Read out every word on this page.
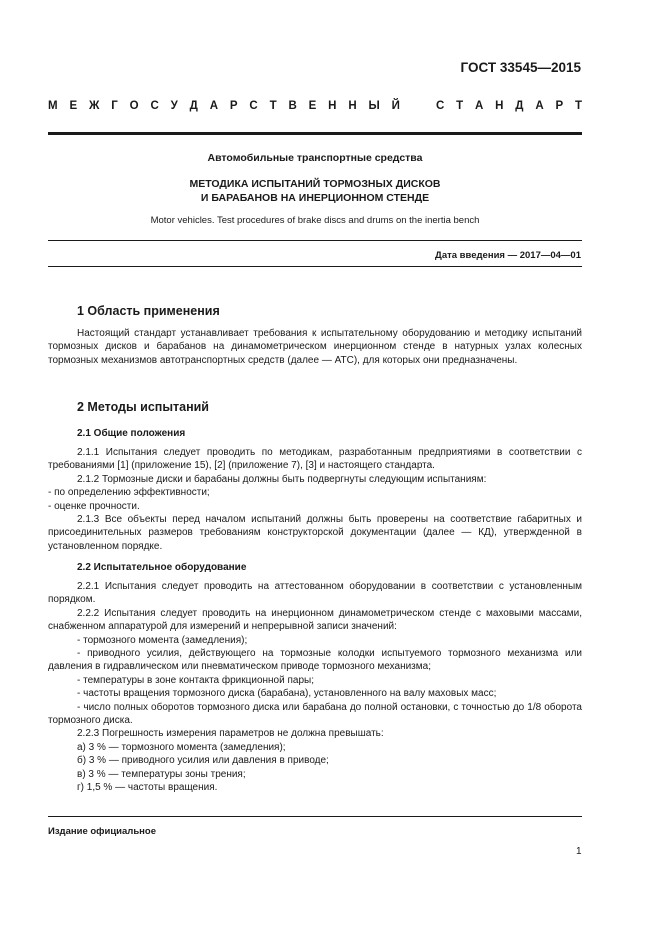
ГОСТ 33545—2015
М Е Ж Г О С У Д А Р С Т В Е Н Н Ы Й	С Т А Н Д А Р Т
Автомобильные транспортные средства
МЕТОДИКА ИСПЫТАНИЙ ТОРМОЗНЫХ ДИСКОВ
И БАРАБАНОВ НА ИНЕРЦИОННОМ СТЕНДЕ
Motor vehicles. Test procedures of brake discs and drums on the inertia bench
Дата введения — 2017—04—01
1 Область применения

Настоящий стандарт устанавливает требования к испытательному оборудованию и методику испытаний тормозных дисков и барабанов на динамометрическом инерционном стенде в натурных узлах колесных тормозных механизмов автотранспортных средств (далее — АТС), для которых они предназначены.

2 Методы испытаний
2.1 Общие положения

2.1.1 Испытания следует проводить по методикам, разработанным предприятиями в соответствии с требованиями [1] (приложение 15), [2] (приложение 7), [3] и настоящего стандарта.

2.1.2 Тормозные диски и барабаны должны быть подвергнуты следующим испытаниям:

- по определению эффективности;

- оценке прочности.

2.1.3 Все объекты перед началом испытаний должны быть проверены на соответствие габаритных и присоединительных размеров требованиям конструкторской документации (далее — КД), утвержденной в установленном порядке.

2.2 Испытательное оборудование

2.2.1 Испытания следует проводить на аттестованном оборудовании в соответствии с установленным порядком.

2.2.2 Испытания следует проводить на инерционном динамометрическом стенде с маховыми массами, снабженном аппаратурой для измерений и непрерывной записи значений:

- тормозного момента (замедления);

- приводного усилия, действующего на тормозные колодки испытуемого тормозного механизма или давления в гидравлическом или пневматическом приводе тормозного механизма;

- температуры в зоне контакта фрикционной пары;

- частоты вращения тормозного диска (барабана), установленного на валу маховых масс;

- число полных оборотов тормозного диска или барабана до полной остановки, с точностью до 1/8 оборота тормозного диска.

2.2.3 Погрешность измерения параметров не должна превышать:

а) 3 % — тормозного момента (замедления);

б) 3 % — приводного усилия или давления в приводе;

в) 3 % — температуры зоны трения;

г) 1,5 % — частоты вращения.

Издание официальное
1
